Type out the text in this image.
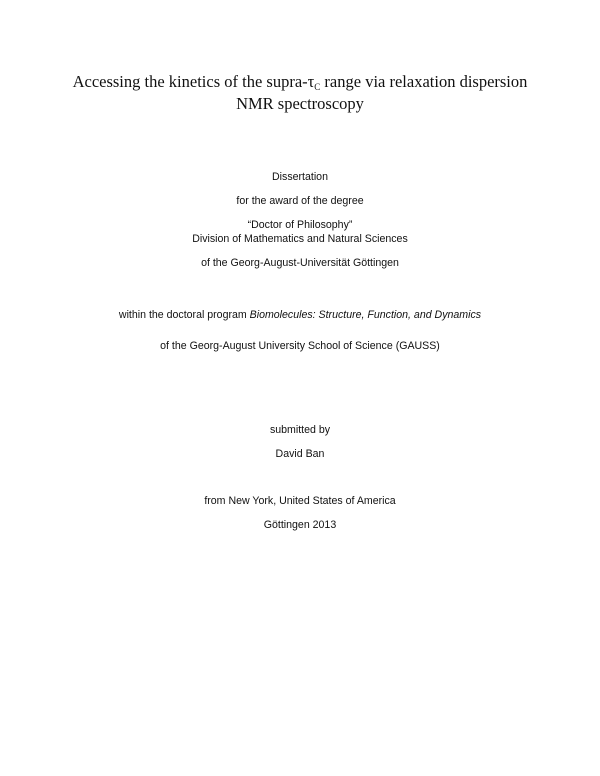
Accessing the kinetics of the supra-τC range via relaxation dispersion
NMR spectroscopy
Dissertation
for the award of the degree
“Doctor of Philosophy”
Division of Mathematics and Natural Sciences
of the Georg-August-Universität Göttingen
within the doctoral program Biomolecules: Structure, Function, and Dynamics
of the Georg-August University School of Science (GAUSS)
submitted by
David Ban
from New York, United States of America
Göttingen 2013
